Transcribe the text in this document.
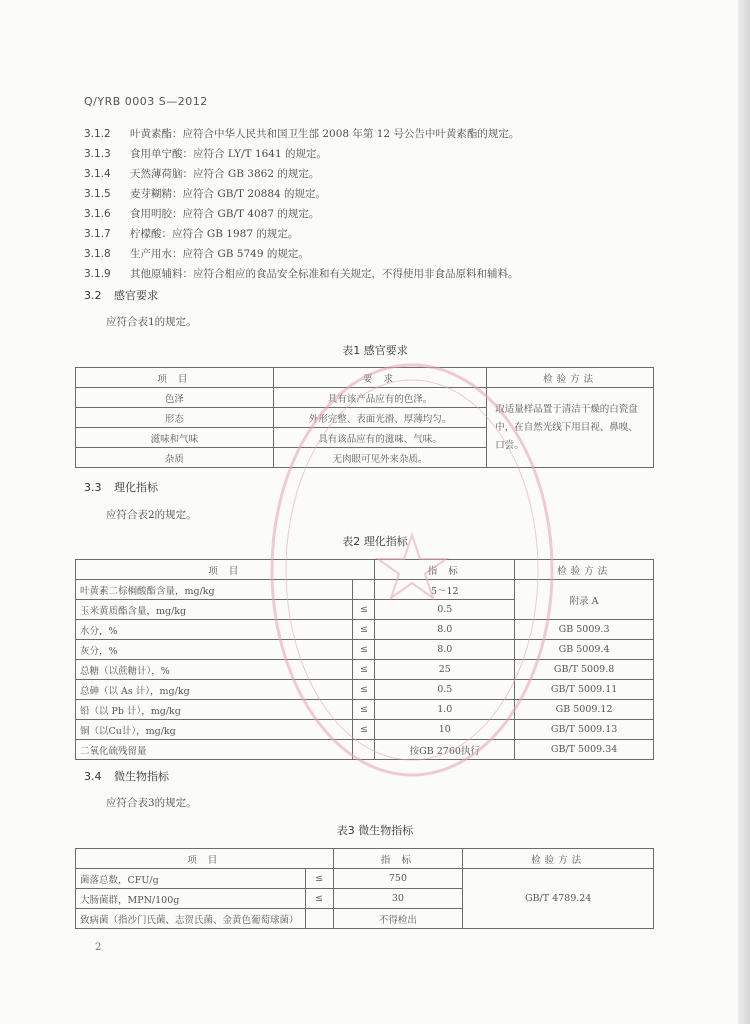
Q/YRB 0003 S—2012
3.1.2 叶黄素酯：应符合中华人民共和国卫生部 2008 年第 12 号公告中叶黄素酯的规定。
3.1.3 食用单宁酸：应符合 LY/T 1641 的规定。
3.1.4 天然薄荷脑：应符合 GB 3862 的规定。
3.1.5 麦芽糊精：应符合 GB/T 20884 的规定。
3.1.6 食用明胶：应符合 GB/T 4087 的规定。
3.1.7 柠檬酸：应符合 GB 1987 的规定。
3.1.8 生产用水：应符合 GB 5749 的规定。
3.1.9 其他原辅料：应符合相应的食品安全标准和有关规定，不得使用非食品原料和辅料。
3.2 感官要求
应符合表1的规定。
表1 感官要求
项 目	要 求	检验方法
色泽	具有该产品应有的色泽。	取适量样品置于清洁干燥的白瓷盘中，在自然光线下用目视、鼻嗅、口尝。
形态	外形完整、表面光滑、厚薄均匀。	
滋味和气味	具有该品应有的滋味、气味。	
杂质	无肉眼可见外来杂质。	
3.3 理化指标
应符合表2的规定。
表2 理化指标
项 目		指 标	检验方法
叶黄素二棕榈酸酯含量，mg/kg		5～12	附录 A
玉米黄质酯含量，mg/kg	≤	0.5	
水分，%	≤	8.0	GB 5009.3
灰分，%	≤	8.0	GB 5009.4
总糖（以蔗糖计），%	≤	25	GB/T 5009.8
总砷（以 As 计），mg/kg	≤	0.5	GB/T 5009.11
铅（以 Pb 计），mg/kg	≤	1.0	GB 5009.12
铜（以Cu计），mg/kg	≤	10	GB/T 5009.13
二氧化硫残留量		按GB 2760执行	GB/T 5009.34
3.4 微生物指标
应符合表3的规定。
表3 微生物指标
项 目		指 标	检验方法
菌落总数，CFU/g	≤	750	GB/T 4789.24
大肠菌群，MPN/100g	≤	30	
致病菌（指沙门氏菌、志贺氏菌、金黄色葡萄球菌）		不得检出	
2
